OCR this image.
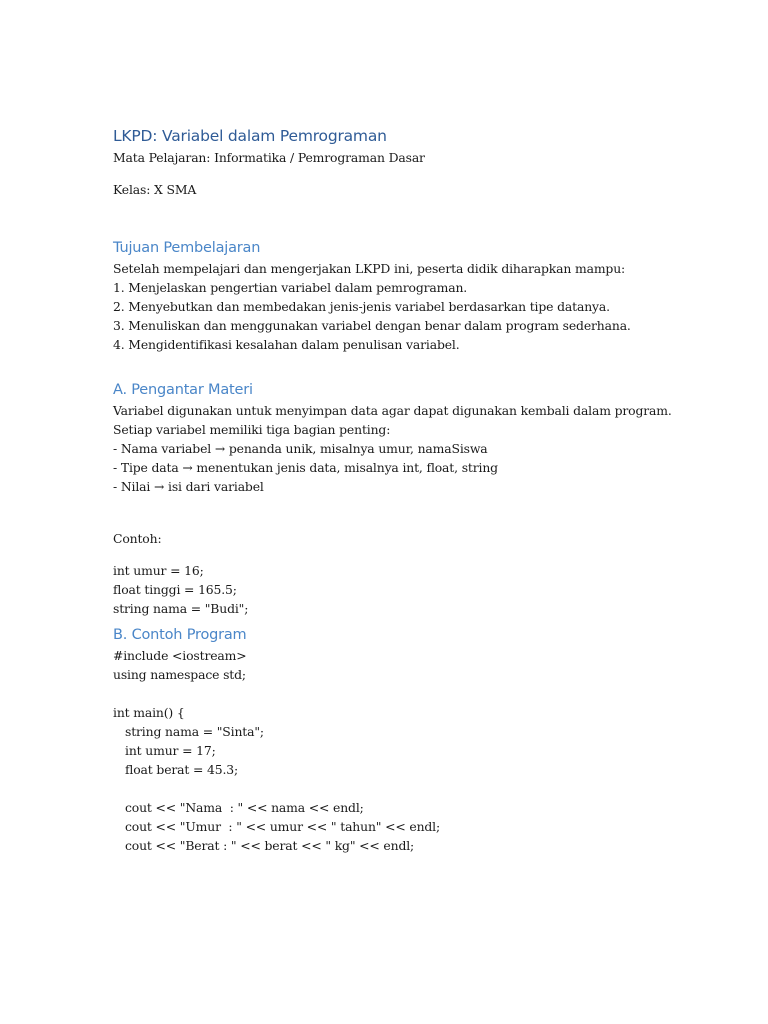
LKPD: Variabel dalam Pemrograman

Mata Pelajaran: Informatika / Pemrograman Dasar

Kelas: X SMA

Tujuan Pembelajaran

Setelah mempelajari dan mengerjakan LKPD ini, peserta didik diharapkan mampu:

1. Menjelaskan pengertian variabel dalam pemrograman.

2. Menyebutkan dan membedakan jenis-jenis variabel berdasarkan tipe datanya.

3. Menuliskan dan menggunakan variabel dengan benar dalam program sederhana.

4. Mengidentifikasi kesalahan dalam penulisan variabel.

A. Pengantar Materi

Variabel digunakan untuk menyimpan data agar dapat digunakan kembali dalam program.

Setiap variabel memiliki tiga bagian penting:

- Nama variabel → penanda unik, misalnya umur, namaSiswa

- Tipe data → menentukan jenis data, misalnya int, float, string

- Nilai → isi dari variabel

Contoh:

int umur = 16;

float tinggi = 165.5;

string nama = "Budi";

B. Contoh Program

#include <iostream>

using namespace std;

int main() {

string nama = "Sinta";

int umur = 17;

float berat = 45.3;

cout << "Nama  : " << nama << endl;

cout << "Umur  : " << umur << " tahun" << endl;

cout << "Berat : " << berat << " kg" << endl;
